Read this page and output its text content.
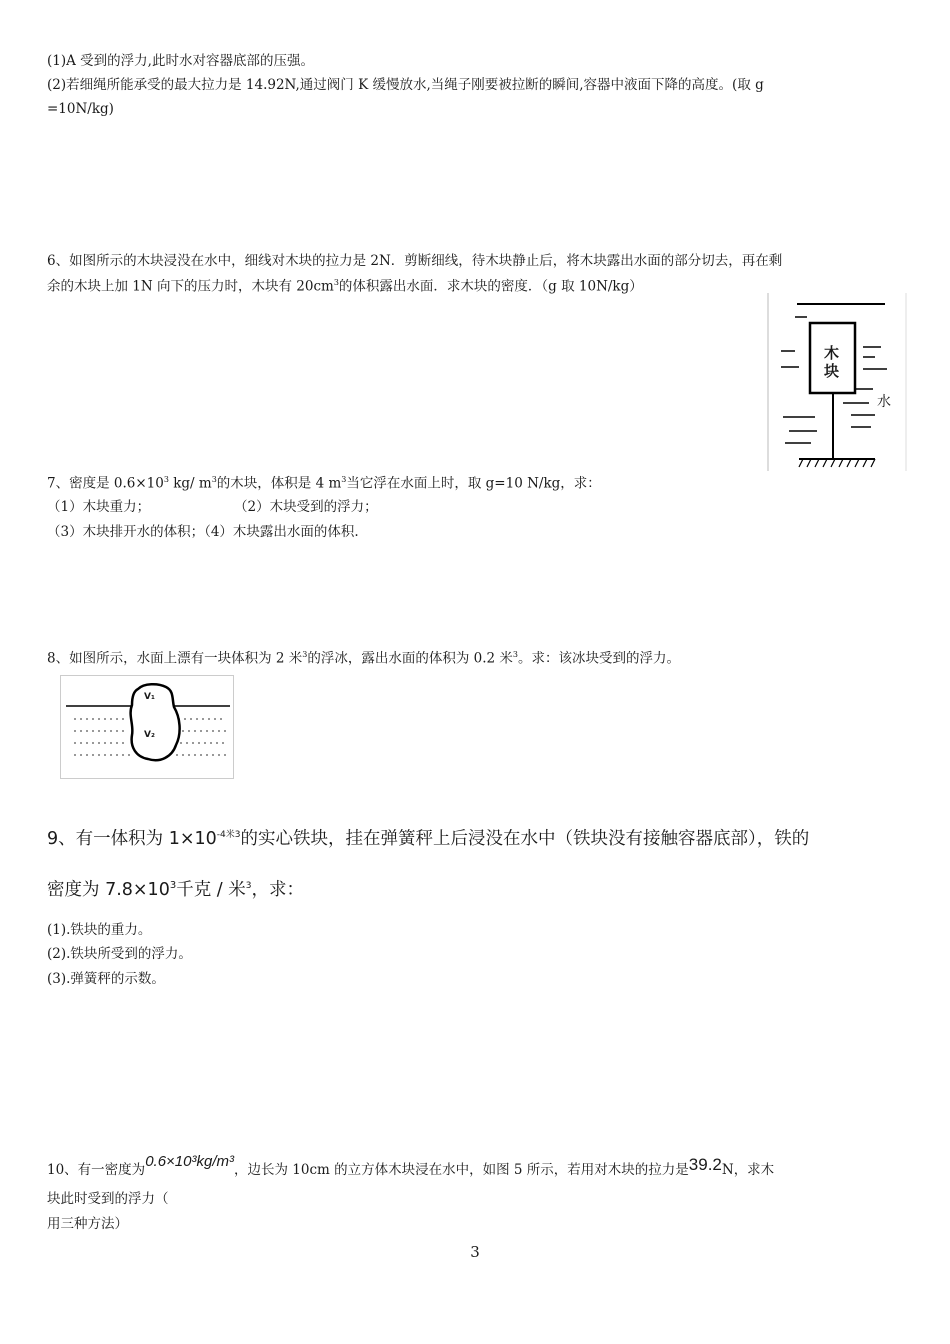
(1)A 受到的浮力,此时水对容器底部的压强。
(2)若细绳所能承受的最大拉力是 14.92N,通过阀门 K 缓慢放水,当绳子刚要被拉断的瞬间,容器中液面下降的高度。(取 g
=10N/kg)
6、如图所示的木块浸没在水中，细线对木块的拉力是 2N．剪断细线，待木块静止后，将木块露出水面的部分切去，再在剩
余的木块上加 1N 向下的压力时，木块有 $20cm^3$的体积露出水面．求木块的密度．（g 取 10N/kg）
木
块
水
7、密度是 $0.6\times 10^3$ kg/ $m^3$的木块，体积是 4 $m^3$当它浮在水面上时，取 g=10 N/kg，求：
（1）木块重力；	（2）木块受到的浮力；
（3）木块排开水的体积；（4）木块露出水面的体积.
8、如图所示，水面上漂有一块体积为 2 米$^3$的浮冰，露出水面的体积为 0.2 米$^3$。求：该冰块受到的浮力。
V₁
V₂
9、有一体积为 $1\times 10^{-4米3}$的实心铁块，挂在弹簧秤上后浸没在水中（铁块没有接触容器底部），铁的
密度为 $7.8\times 10^3$千克 / 米$^3$，求：
(1).铁块的重力。
(2).铁块所受到的浮力。
(3).弹簧秤的示数。
10、有一密度为0.6×10³kg/m³，边长为 10cm 的立方体木块浸在水中，如图 5 所示，若用对木块的拉力是39.2N，求木
块此时受到的浮力（
用三种方法）
3
